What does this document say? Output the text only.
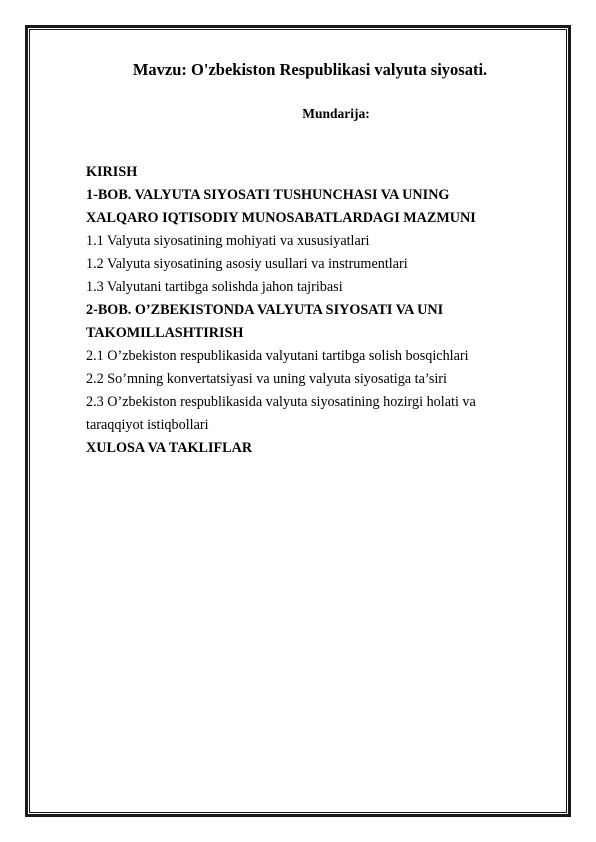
Mavzu: O'zbekiston Respublikasi valyuta siyosati.
Mundarija:
KIRISH
1-BOB. VALYUTA SIYOSATI TUSHUNCHASI VA UNING
XALQARO IQTISODIY MUNOSABATLARDAGI MAZMUNI
1.1 Valyuta siyosatining mohiyati va xususiyatlari
1.2 Valyuta siyosatining asosiy usullari va instrumentlari
1.3 Valyutani tartibga solishda jahon tajribasi
2-BOB. O’ZBEKISTONDA VALYUTA SIYOSATI VA UNI
TAKOMILLASHTIRISH
2.1 O’zbekiston respublikasida valyutani tartibga solish bosqichlari
2.2 So’mning konvertatsiyasi va uning valyuta siyosatiga ta’siri
2.3 O’zbekiston respublikasida valyuta siyosatining hozirgi holati va
taraqqiyot istiqbollari
XULOSA VA TAKLIFLAR
